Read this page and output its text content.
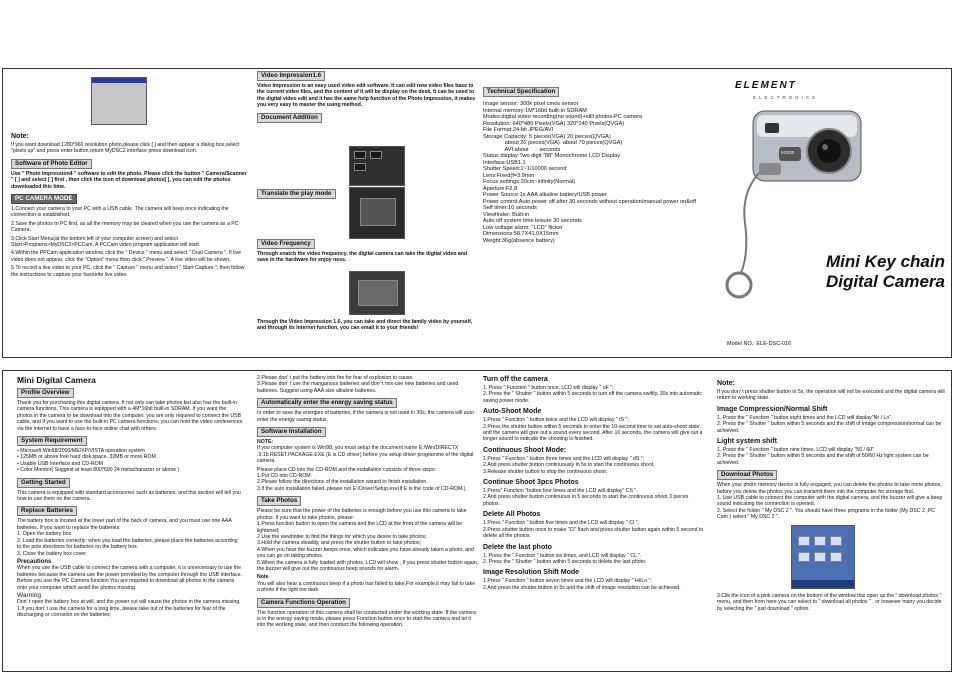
Note:
If you want download 1280*960 resolution photo,please click [ ] and then appear a dialog box,select "pixels up" and press enter button,return MyDSC2 interface press download icon.
Software of Photo Editor
Use " Photo Impression4 " software to edit the photo. Please click the button " Camera/Scanner " [ ] and select [ ] first , then click the icon of download photos[ ], you can edit the photos downloaded this time.
PC CAMERA MODE
1.Connect your camera to your PC with a USB cable. The camera will beep once indicating the connection is established.
2.Save the photos to PC first, as all the memory may be cleared when you use the camera as a PC Camera.
3.Click Start Menu(at the bottom left of your computer screen) and select Start>Programs>MyDSC2>PCCam, A PCCam video program application will start.
4.Within the PPCam application window, click the " Device " menu and select " Dual Camera ". If live video does not appear, click the "Option" menu then click " Preview ". A live video will be shown.
5.To record a live video to your PC, click the " Capture " menu and select " Start Capture ", then follow the instructions to capture your favourite live video.
Video Impression1.6
Video Impression is an easy used video edit software. It can edit new video files base to the current video files, and the content of it will be display on the desk, It can be used to the digital video edit and it has the same help function of the Photo Impression, it makes you very easy to master the using method.
Document Addition
Translate the play mode
Video Frequency
Through snatch the video frequency, the digital camera can take the digital video and save in the hardware for enjoy ness.
Through the Video Impression 1.6, you can take and direct the family video by yourself, and through its Internet function, you can email it to your friends!
Technical Specification
Image sensor: 300k pixel cmos sensor
Internal memory:1M*16bit built-in SDRAM
Modes:digital video recording(no sound)+still photos-PC camera
Resolution: 640*480 Pixels(VGA) 320*240 Pixels(QVGA)
File Format:24-bit JPEG/AVI
Storage Capacity: 5 pieces(VGA) 20 pieces(QVGA)
about 20 pieces(VGA)  about 70 pieces(QVGA)
AVI:about       seconds
Status display:Two digit "88" Monochrome LCD Display
Interface:USB1.1
Shutter Speed:1~1/10000 second
Lens:Fixed(f=3.9mm
Focus settings:30cm~infinity(Normal)
Aperture:F2.8
Power Source:1x AAA alkaline battery/USB power
Power control:Auto power off after 30 seconds without operation/manual power on&off
Self timer:10 seconds
Viewfinder: Built-in
Auto off system time leisure 30 seconds
Low voltage alarm: "LCD" flicker
Dimensions:58.7X41.0X15mm
Weight:36g(absence battery)
ELEMENT
ELECTRONICS
MODE
Mini Key chain
Digital Camera
Model NO.: ELE-DSC-016
Mini Digital Camera
Profile Overview
Thank you for purchasing this digital camera. It not only can take photos but also has the built-in camera functions. This camera is equipped with a 4M*16bit built-in SDRAM. If you want the photos in the camera to be download into the computer, you are only required to connect the USB cable, and if you want to use the built-in PC camera functions, you can hold the video conferences via the internet to have a face-to-face online chat with others.
System Requirement
• Microsoft Win98/2000/ME/XP/VISTA operation system
• 125MB or above free hard disk space, 32MB or more ROM
• Usable USB Interface and CD-ROM
• Color Monitor( Suggest at least 800*600 24 metacharacter or above )
Getting Started
This camera is equipped with standard accessories such as batteries, and this section will tell you how to use them on the camera.
Replace Batteries
The battery box is located at the lower part of the back of camera, and you must use one AAA batteries. If you want to replace the batteries:
1. Open the battery box.
2. Load the batteries correctly: when you load the batteries, please place the batteries according to the pole directions for batteries on the battery box.
3. Close the battery box cover.
Precautions
When you use the USB cable to connect the camera with a computer, it is unnecessary to use the batteries because the camera use the power provided by the computer through the USB interface. Before you use the PC Camera function You are required to download all photos in the camera onto your computer which avoid the photos missing.
Warning
Don' t open the battery box at will, and the power cut will cause the photos in the camera missing.
1.If you don' t use the camera for a long time, please take out of the batteries for fear of the discharging or corrosion on the batteries;
2.Please don' t put the battery into fire for fear of explosion to cause.
3.Please don' t use the manganous batteries and don' t mix-use new batteries and used batteries. Suggest using AAA size alkaline batteries.
Automatically enter the energy saving status
In order to save the energies of batteries, if the camera is not used in 30s, the camera will auto enter the energy saving status.
Software Installation
NOTE:
If you computer system is Win98, you must setup the document name E:/Win/DIRECTX .9.1b.RESET.PACKAGE.EXE (E is CD driver) before you setup driver programme of the digital camera.
Please place CD into the CD-ROM and the installation consists of three steps:
1.Put CD into CD-ROM.
2.Please follow the directions of the installation wizard to finish installation.
3.If the auto installation failed, please run E:/Driver/Setup.exe(If E is the code of CD-ROM.)
Take Photos
Please be sure that the power of the batteries is enough before you use this camera to take photos. If you want to take photos, please:
1.Press function button to open the camera and the LCD at the front of the camera will be lightened;
2.Use the viewfinder to find the things for which you desire to take photos;
3.Hold the camera steadily, and press the shutter button to take photos;
4.When you hear the buzzer beeps once, which indicates you have already taken a photo, and you can go on taking photos.
5.When the camera is fully loaded with photos, LCD will show , If you press shutter button again, the buzzer will give out the continuous beep sounds for alarm.
Note
You will also hear a continuous beep if a photo has failed to take,For example,it may fail to take a photo if the light too dark.
Camera Functions Operation
The function operation of this camera shall be conducted under the working state. If the camera is in the energy saving mode, please press Function button once to start the camera and let it into the working state, and then conduct the following operation.
Turn off the camera
1. Press " Function " button once, LCD will display " oF ";
2. Press the " Shutter " button within 5 seconds to turn off the camera swiftly, 30s into automatic saving power mode.
Auto-Shoot Mode
1.Press " Function " button twice and the LCD will display " tS ";
2.Press the shutter button within 5 seconds to enter the 10-second time to set auto-shoot state, and the camera will give out a sound every second. After 10 seconds, the camera will give out a longer sound to indicate the shooting is finished.
Continuous Shoot Mode:
1.Press " Function " button three times and the LCD will display " dS ";
2.And press shutter button continuously in 5s to start the continuous shoot.
3.Release shutter button to stop the continuous shoot.
Continue Shoot 3pcs Photos
1.Press" Function "button four times and the LCD will display" CS ".
2.And press shutter button continuous in 5 seconds to start the continuous shoot 3 pieces photos .
Delete All Photos
1.Press " Function " button five times and the LCD will display " Cl ";
2.Press shutter button once to make "Cl" flash and press shutter button again within 5 second to delete all the photos.
Delete the last photo
1. Press the " Function " button six times, and LCD will display " CL ".
2. Press the " Shutter " button within 5 seconds to delete the last photo.
Image Resolution Shift Mode
1.Press " Function " button seven times and the LCD will display " Hi/Lo ";
2.And press the shutter button in 5s and the shift of image resolution can be achieved.
Note:
If you don' t press shutter button in 5s, the operation will not be executed and the digital camera will return to working state.
Image Compression/Normal Shift
1. Press the " Function " button eight times and the LCD will display"Nr / Lo".
2. Press the " Shutter " button within 5 seconds and the shift of image compression/normal can be achieved.
Light system shift
1. Press the " Function " button nine times, LCD will display "50 / 60"
2. Press the " Shutter " button within 5 seconds and the shift of 50/60 Hz light system can be achieved.
Download Photos
When your photo memory device is fully engaged, you can delete the photos to take more photos, before you delete the photos you can transmit them into the computer for storage first.
1. Use USB cable to connect the computer with the digital camera, and the buzzer will give a beep sound indicating the connection is opened.
2. Select the folder " My DSC 2 ". You should have three programs in the folder (My DSC 2 ,PC Cam ) select " My DSC 2 ".
3.Clik the icon of a pink camera on the bottom of the window this open up the " download photos " menu, and then from here you can select to " download all photos " , or however many you decide by selecting the " just download " option.
